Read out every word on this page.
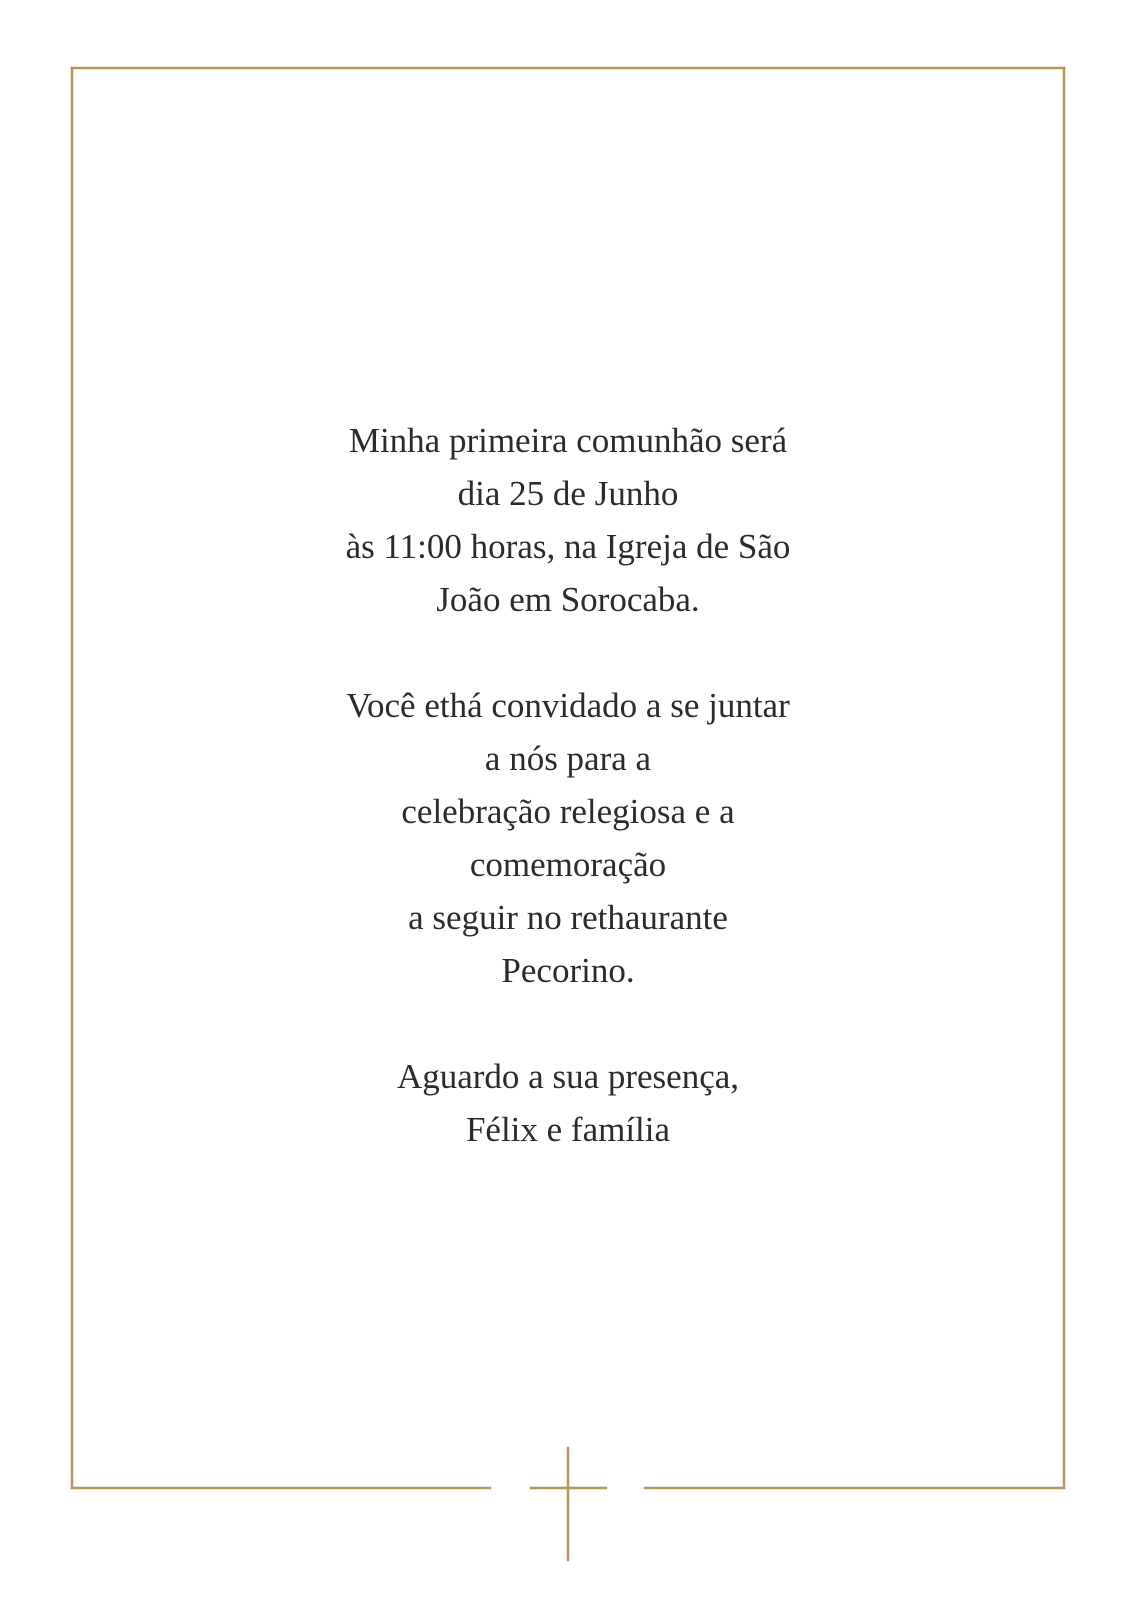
Minha primeira comunhão será
dia 25 de Junho
às 11:00 horas, na Igreja de São
João em Sorocaba.
Você ethá convidado a se juntar
a nós para a
celebração relegiosa e a
comemoração
a seguir no rethaurante
Pecorino.
Aguardo a sua presença,
Félix e família
